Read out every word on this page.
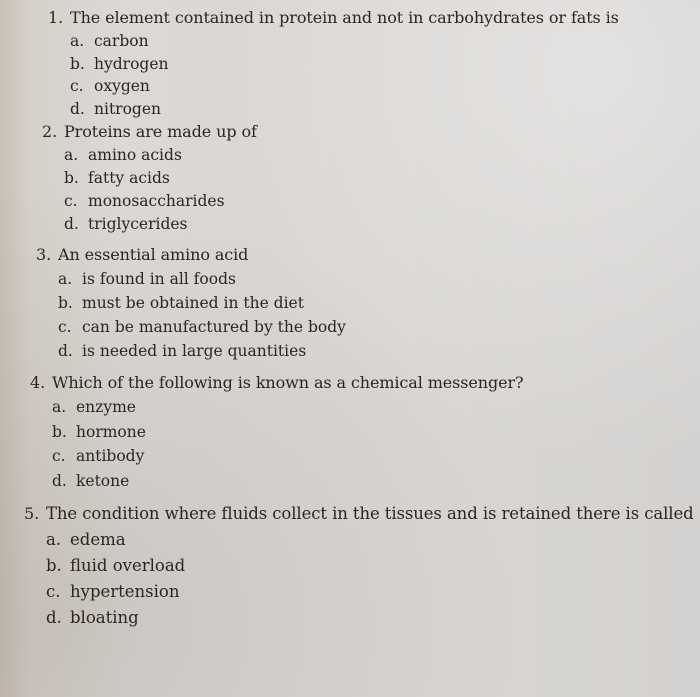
1. The element contained in protein and not in carbohydrates or fats is
a. carbon
b. hydrogen
c. oxygen
d. nitrogen
2. Proteins are made up of
a. amino acids
b. fatty acids
c. monosaccharides
d. triglycerides
3. An essential amino acid
a. is found in all foods
b. must be obtained in the diet
c. can be manufactured by the body
d. is needed in large quantities
4. Which of the following is known as a chemical messenger?
a. enzyme
b. hormone
c. antibody
d. ketone
5. The condition where fluids collect in the tissues and is retained there is called
a. edema
b. fluid overload
c. hypertension
d. bloating
